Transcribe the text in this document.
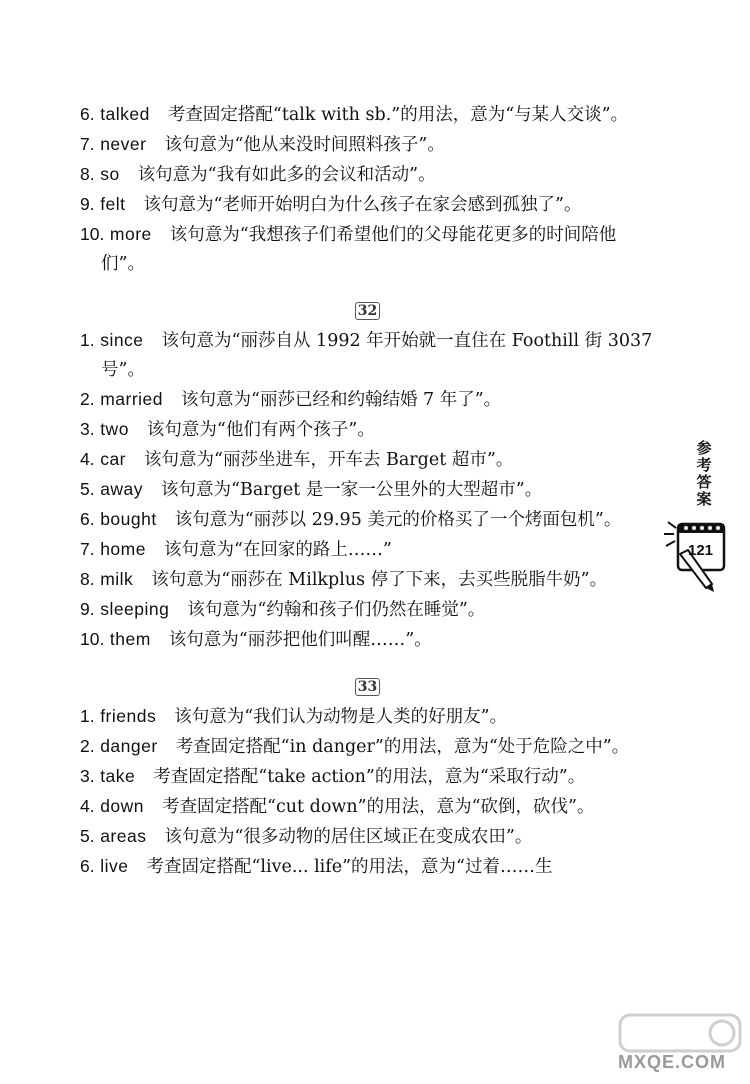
6. talked 考查固定搭配“talk with sb.”的用法，意为“与某人交谈”。
7. never 该句意为“他从来没时间照料孩子”。
8. so 该句意为“我有如此多的会议和活动”。
9. felt 该句意为“老师开始明白为什么孩子在家会感到孤独了”。
10. more 该句意为“我想孩子们希望他们的父母能花更多的时间陪他们”。
32
1. since 该句意为“丽莎自从 1992 年开始就一直住在 Foothill 街 3037 号”。
2. married 该句意为“丽莎已经和约翰结婚 7 年了”。
3. two 该句意为“他们有两个孩子”。
4. car 该句意为“丽莎坐进车，开车去 Barget 超市”。
5. away 该句意为“Barget 是一家一公里外的大型超市”。
6. bought 该句意为“丽莎以 29.95 美元的价格买了一个烤面包机”。
7. home 该句意为“在回家的路上……”
8. milk 该句意为“丽莎在 Milkplus 停了下来，去买些脱脂牛奶”。
9. sleeping 该句意为“约翰和孩子们仍然在睡觉”。
10. them 该句意为“丽莎把他们叫醒……”。
33
1. friends 该句意为“我们认为动物是人类的好朋友”。
2. danger 考查固定搭配“in danger”的用法，意为“处于危险之中”。
3. take 考查固定搭配“take action”的用法，意为“采取行动”。
4. down 考查固定搭配“cut down”的用法，意为“砍倒，砍伐”。
5. areas 该句意为“很多动物的居住区域正在变成农田”。
6. live 考查固定搭配“live... life”的用法，意为“过着……生
参
考
答
案
121
MXQE.COM
